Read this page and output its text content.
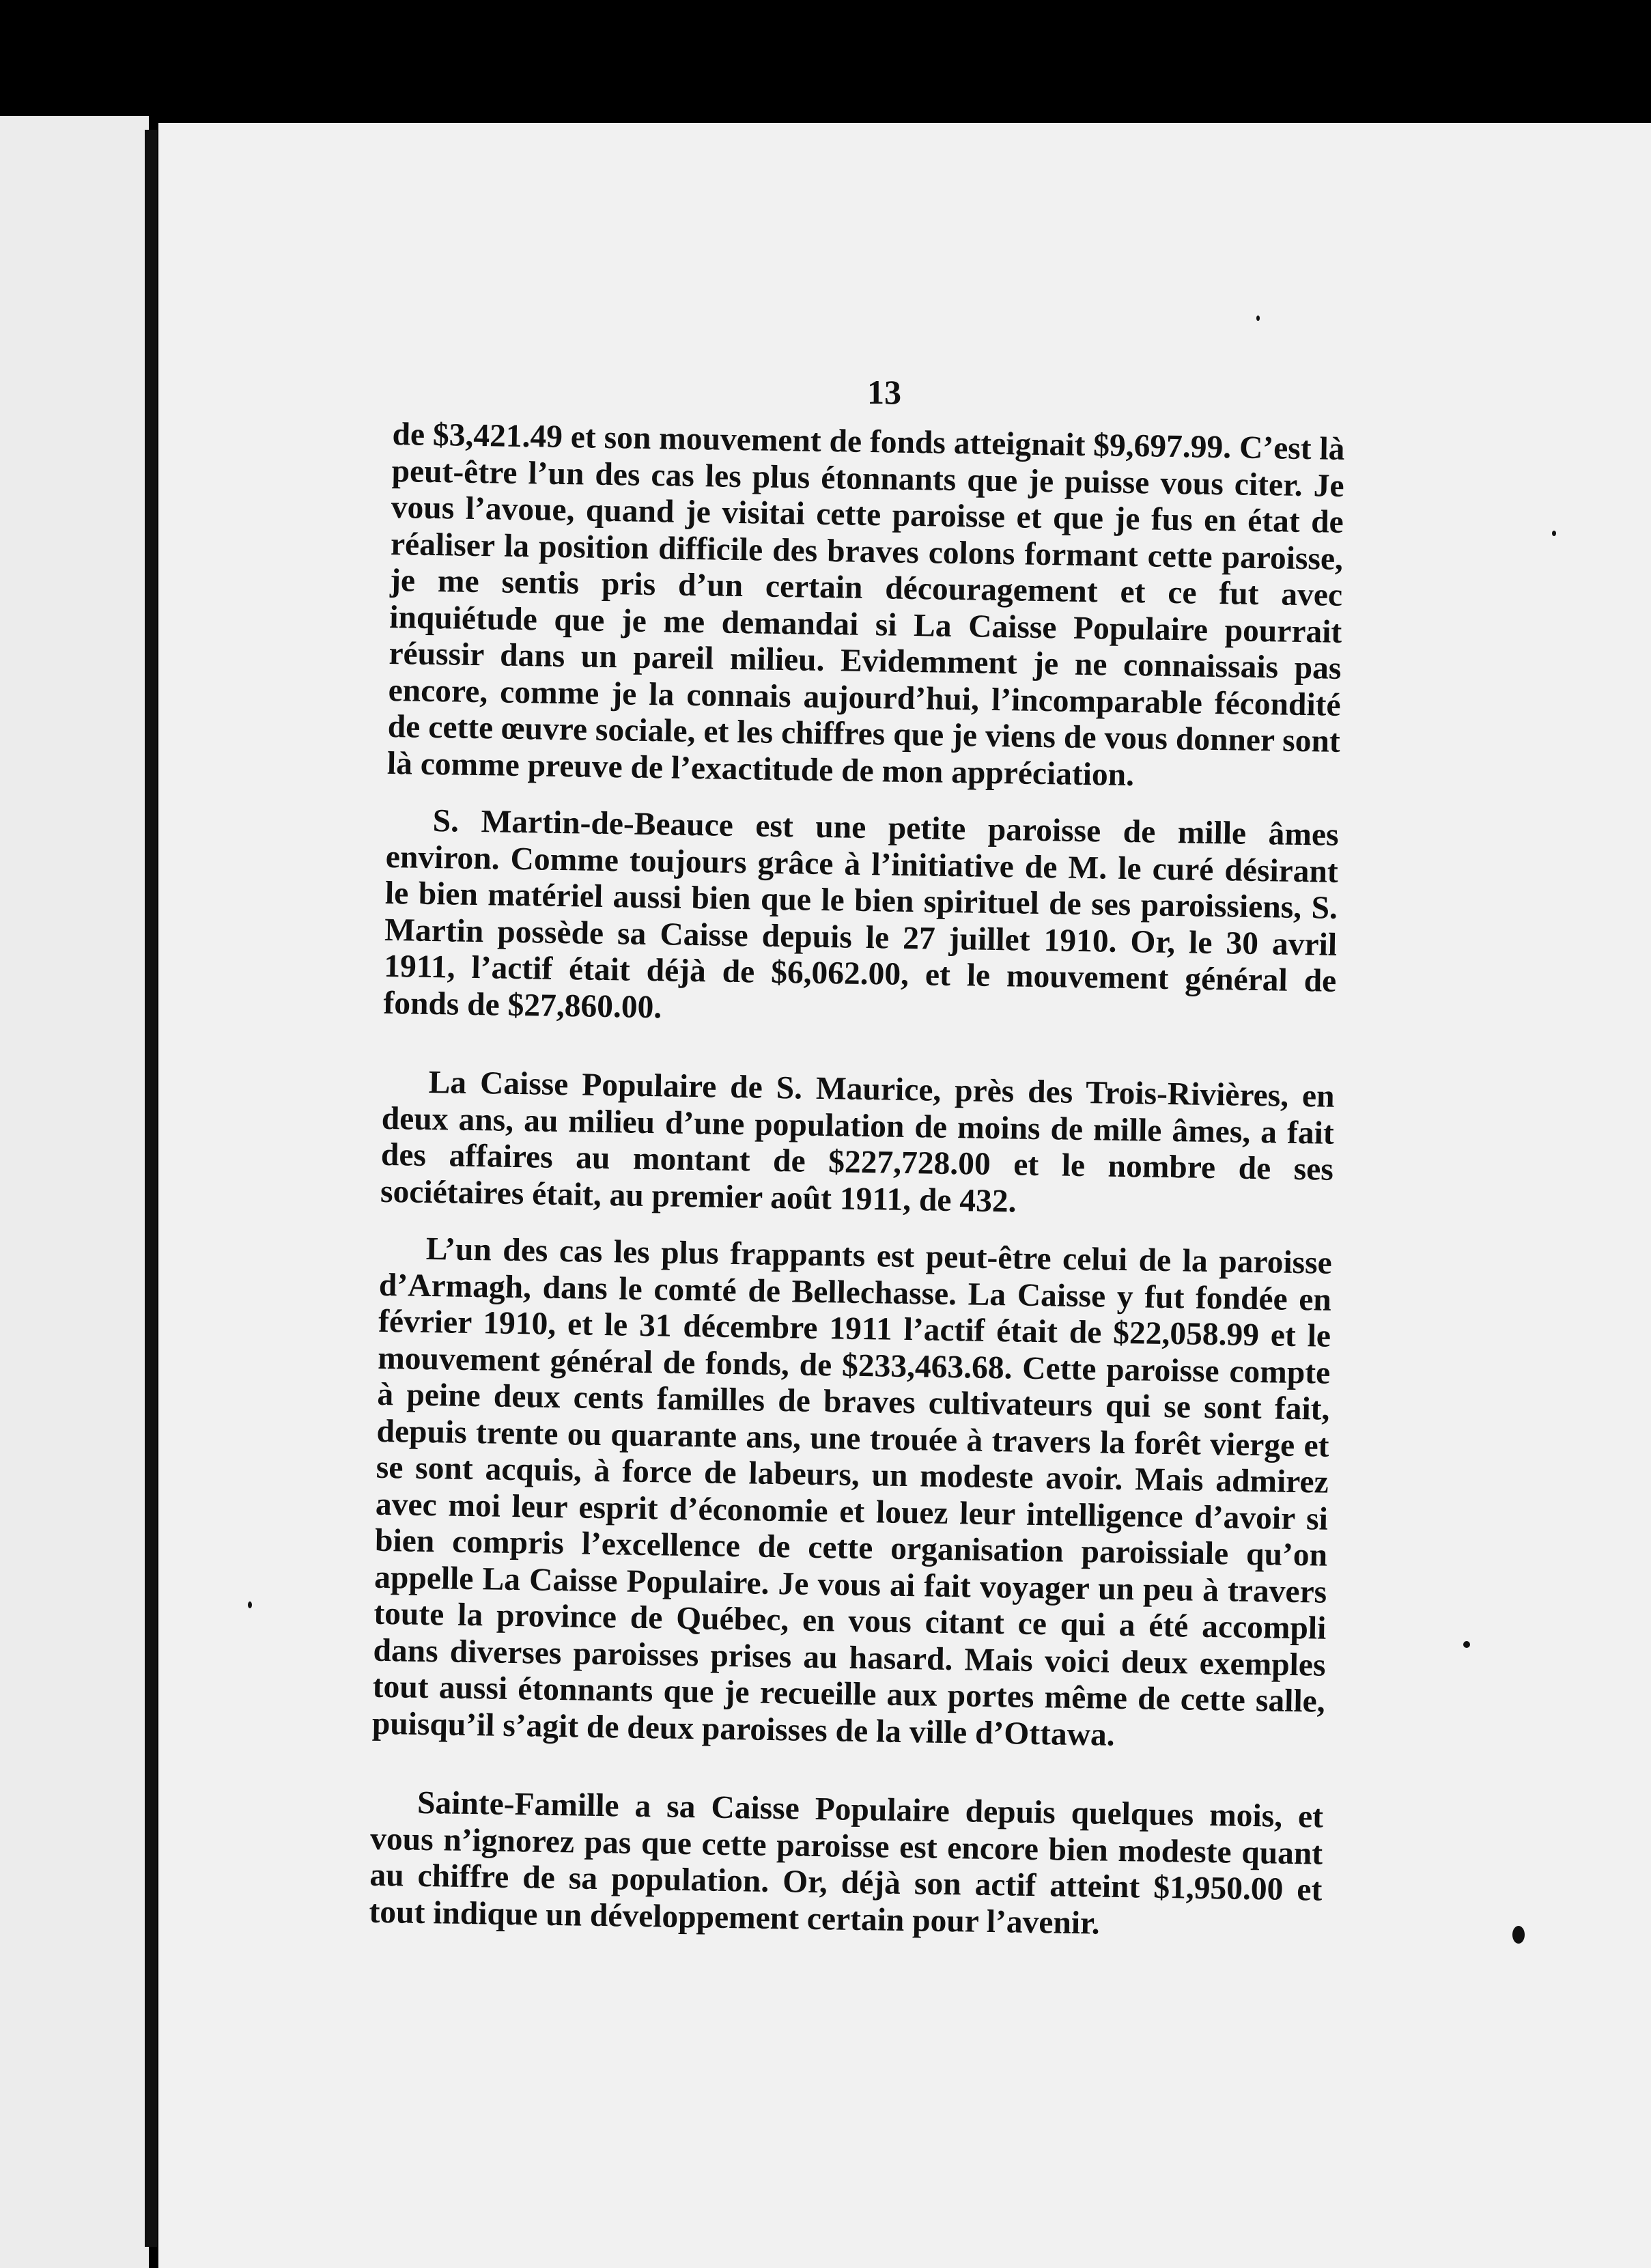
13

de $3,421.49 et son mouvement de fonds atteignait $9,697.99. C’est là peut-être l’un des cas les plus étonnants que je puisse vous citer. Je vous l’avoue, quand je visitai cette paroisse et que je fus en état de réaliser la position difficile des braves colons formant cette paroisse, je me sentis pris d’un certain découragement et ce fut avec inquiétude que je me demandai si La Caisse Populaire pourrait réussir dans un pareil milieu. Evidemment je ne connaissais pas encore, comme je la connais aujourd’hui, l’incomparable fécondité de cette œuvre sociale, et les chiffres que je viens de vous donner sont là comme preuve de l’exactitude de mon appréciation.

S. Martin-de-Beauce est une petite paroisse de mille âmes environ. Comme toujours grâce à l’initiative de M. le curé désirant le bien matériel aussi bien que le bien spirituel de ses paroissiens, S. Martin possède sa Caisse depuis le 27 juillet 1910. Or, le 30 avril 1911, l’actif était déjà de $6,062.00, et le mouvement général de fonds de $27,860.00.

La Caisse Populaire de S. Maurice, près des Trois-Rivières, en deux ans, au milieu d’une population de moins de mille âmes, a fait des affaires au montant de $227,728.00 et le nombre de ses sociétaires était, au premier août 1911, de 432.

L’un des cas les plus frappants est peut-être celui de la paroisse d’Armagh, dans le comté de Bellechasse. La Caisse y fut fondée en février 1910, et le 31 décembre 1911 l’actif était de $22,058.99 et le mouvement général de fonds, de $233,463.68. Cette paroisse compte à peine deux cents familles de braves cultivateurs qui se sont fait, depuis trente ou quarante ans, une trouée à travers la forêt vierge et se sont acquis, à force de labeurs, un modeste avoir. Mais admirez avec moi leur esprit d’économie et louez leur intelligence d’avoir si bien compris l’excellence de cette organisation paroissiale qu’on appelle La Caisse Populaire. Je vous ai fait voyager un peu à travers toute la province de Québec, en vous citant ce qui a été accompli dans diverses paroisses prises au hasard. Mais voici deux exemples tout aussi étonnants que je recueille aux portes même de cette salle, puisqu’il s’agit de deux paroisses de la ville d’Ottawa.

Sainte-Famille a sa Caisse Populaire depuis quelques mois, et vous n’ignorez pas que cette paroisse est encore bien modeste quant au chiffre de sa population. Or, déjà son actif atteint $1,950.00 et tout indique un développement certain pour l’avenir.
